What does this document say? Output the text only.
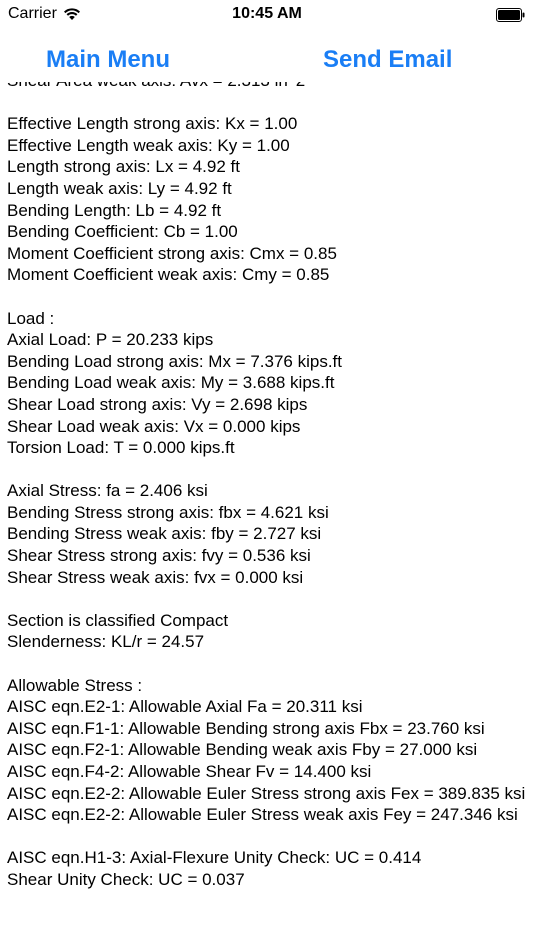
Effective Length strong axis: Kx = 1.00
Effective Length weak axis: Ky = 1.00
Length strong axis: Lx = 4.92 ft
Length weak axis: Ly = 4.92 ft
Bending Length: Lb = 4.92 ft
Bending Coefficient: Cb = 1.00
Moment Coefficient strong axis: Cmx = 0.85
Moment Coefficient weak axis: Cmy = 0.85
Load :
Axial Load: P = 20.233 kips
Bending Load strong axis: Mx = 7.376 kips.ft
Bending Load weak axis: My = 3.688 kips.ft
Shear Load strong axis: Vy = 2.698 kips
Shear Load weak axis: Vx = 0.000 kips
Torsion Load: T = 0.000 kips.ft
Axial Stress: fa = 2.406 ksi
Bending Stress strong axis: fbx = 4.621 ksi
Bending Stress weak axis: fby = 2.727 ksi
Shear Stress strong axis: fvy = 0.536 ksi
Shear Stress weak axis: fvx = 0.000 ksi
Section is classified Compact
Slenderness: KL/r = 24.57
Allowable Stress :
AISC eqn.E2-1: Allowable Axial Fa = 20.311 ksi
AISC eqn.F1-1: Allowable Bending strong axis Fbx = 23.760 ksi
AISC eqn.F2-1: Allowable Bending weak axis Fby = 27.000 ksi
AISC eqn.F4-2: Allowable Shear Fv = 14.400 ksi
AISC eqn.E2-2: Allowable Euler Stress strong axis Fex = 389.835 ksi
AISC eqn.E2-2: Allowable Euler Stress weak axis Fey = 247.346 ksi
AISC eqn.H1-3: Axial-Flexure Unity Check: UC = 0.414
Shear Unity Check: UC = 0.037
Carrier	10:45 AM
Main Menu	Send Email
